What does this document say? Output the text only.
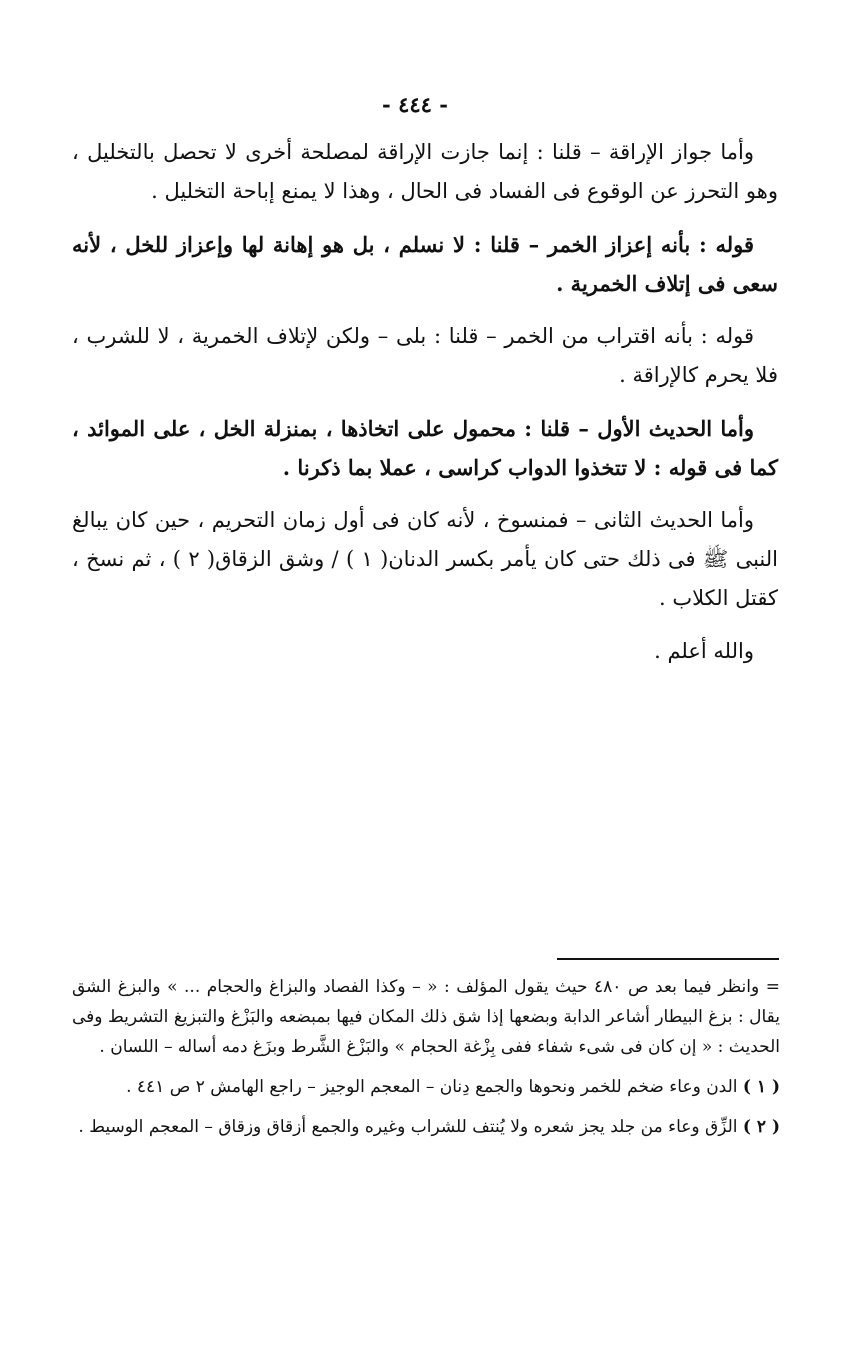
- ٤٤٤ -

وأما جواز الإراقة – قلنا : إنما جازت الإراقة لمصلحة أخرى لا تحصل بالتخليل ، وهو التحرز عن الوقوع فى الفساد فى الحال ، وهذا لا يمنع إباحة التخليل .

قوله : بأنه إعزاز الخمر – قلنا : لا نسلم ، بل هو إهانة لها وإعزاز للخل ، لأنه سعى فى إتلاف الخمرية .

قوله : بأنه اقتراب من الخمر – قلنا : بلى – ولكن لإتلاف الخمرية ، لا للشرب ، فلا يحرم كالإراقة .

وأما الحديث الأول – قلنا : محمول على اتخاذها ، بمنزلة الخل ، على الموائد ، كما فى قوله : لا تتخذوا الدواب كراسى ، عملا بما ذكرنا .

وأما الحديث الثانى – فمنسوخ ، لأنه كان فى أول زمان التحريم ، حين كان يبالغ النبى ﷺ فى ذلك حتى كان يأمر بكسر الدنان( ١ ) / وشق الزقاق( ٢ ) ، ثم نسخ ، كقتل الكلاب .

والله أعلم .

= وانظر فيما بعد ص ٤٨٠ حيث يقول المؤلف : « – وكذا الفصاد والبزاغ والحجام ... » والبزغ الشق يقال : بزغ البيطار أشاعر الدابة وبضعها إذا شق ذلك المكان فيها بمبضعه والبَزْغ والتبزيغ التشريط وفى الحديث : « إن كان فى شىء شفاء ففى بِزْغة الحجام » والبَزْغ الشَّرط وبزَغ دمه أساله – اللسان .

( ١ ) الدن وعاء ضخم للخمر ونحوها والجمع دِنان – المعجم الوجيز – راجع الهامش ٢ ص ٤٤١ .

( ٢ ) الزِّق وعاء من جلد يجز شعره ولا يُنتف للشراب وغيره والجمع أزقاق وزقاق – المعجم الوسيط .
